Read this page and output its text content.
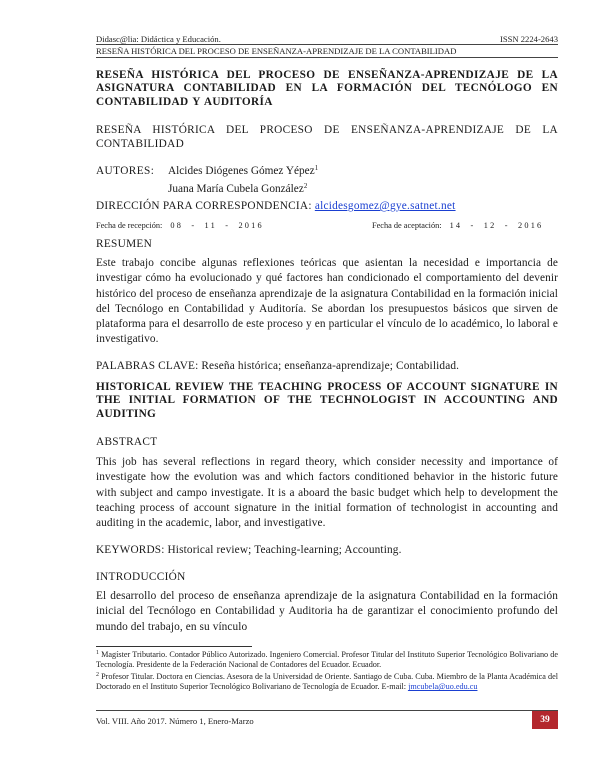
Didasc@lia: Didáctica y Educación.	ISSN 2224-2643
RESEÑA HISTÓRICA DEL PROCESO DE ENSEÑANZA-APRENDIZAJE DE LA CONTABILIDAD
RESEÑA HISTÓRICA DEL PROCESO DE ENSEÑANZA-APRENDIZAJE DE LA ASIGNATURA CONTABILIDAD EN LA FORMACIÓN DEL TECNÓLOGO EN CONTABILIDAD Y AUDITORÍA
RESEÑA HISTÓRICA DEL PROCESO DE ENSEÑANZA-APRENDIZAJE DE LA CONTABILIDAD
AUTORES: Alcides Diógenes Gómez Yépez$^1$
Juana María Cubela González$^2$
DIRECCIÓN PARA CORRESPONDENCIA: alcidesgomez@gye.satnet.net
Fecha de recepción: 08 - 11 - 2016	Fecha de aceptación: 14 - 12 - 2016
RESUMEN
Este trabajo concibe algunas reflexiones teóricas que asientan la necesidad e importancia de investigar cómo ha evolucionado y qué factores han condicionado el comportamiento del devenir histórico del proceso de enseñanza aprendizaje de la asignatura Contabilidad en la formación inicial del Tecnólogo en Contabilidad y Auditoría. Se abordan los presupuestos básicos que sirven de plataforma para el desarrollo de este proceso y en particular el vínculo de lo académico, lo laboral e investigativo.
PALABRAS CLAVE: Reseña histórica; enseñanza-aprendizaje; Contabilidad.
HISTORICAL REVIEW THE TEACHING PROCESS OF ACCOUNT SIGNATURE IN THE INITIAL FORMATION OF THE TECHNOLOGIST IN ACCOUNTING AND AUDITING
ABSTRACT
This job has several reflections in regard theory, which consider necessity and importance of investigate how the evolution was and which factors conditioned behavior in the historic future with subject and campo investigate. It is a aboard the basic budget which help to development the teaching process of account signature in the initial formation of technologist in accounting and auditing in the academic, labor, and investigative.
KEYWORDS: Historical review; Teaching-learning; Accounting.
INTRODUCCIÓN
El desarrollo del proceso de enseñanza aprendizaje de la asignatura Contabilidad en la formación inicial del Tecnólogo en Contabilidad y Auditoria ha de garantizar el conocimiento profundo del mundo del trabajo, en su vínculo
$^1$ Magíster Tributario. Contador Público Autorizado. Ingeniero Comercial. Profesor Titular del Instituto Superior Tecnológico Bolivariano de Tecnología. Presidente de la Federación Nacional de Contadores del Ecuador. Ecuador.
$^2$ Profesor Titular. Doctora en Ciencias. Asesora de la Universidad de Oriente. Santiago de Cuba. Cuba. Miembro de la Planta Académica del Doctorado en el Instituto Superior Tecnológico Bolivariano de Tecnología de Ecuador. E-mail: jmcubela@uo.edu.cu
Vol. VIII. Año 2017. Número 1, Enero-Marzo	39
